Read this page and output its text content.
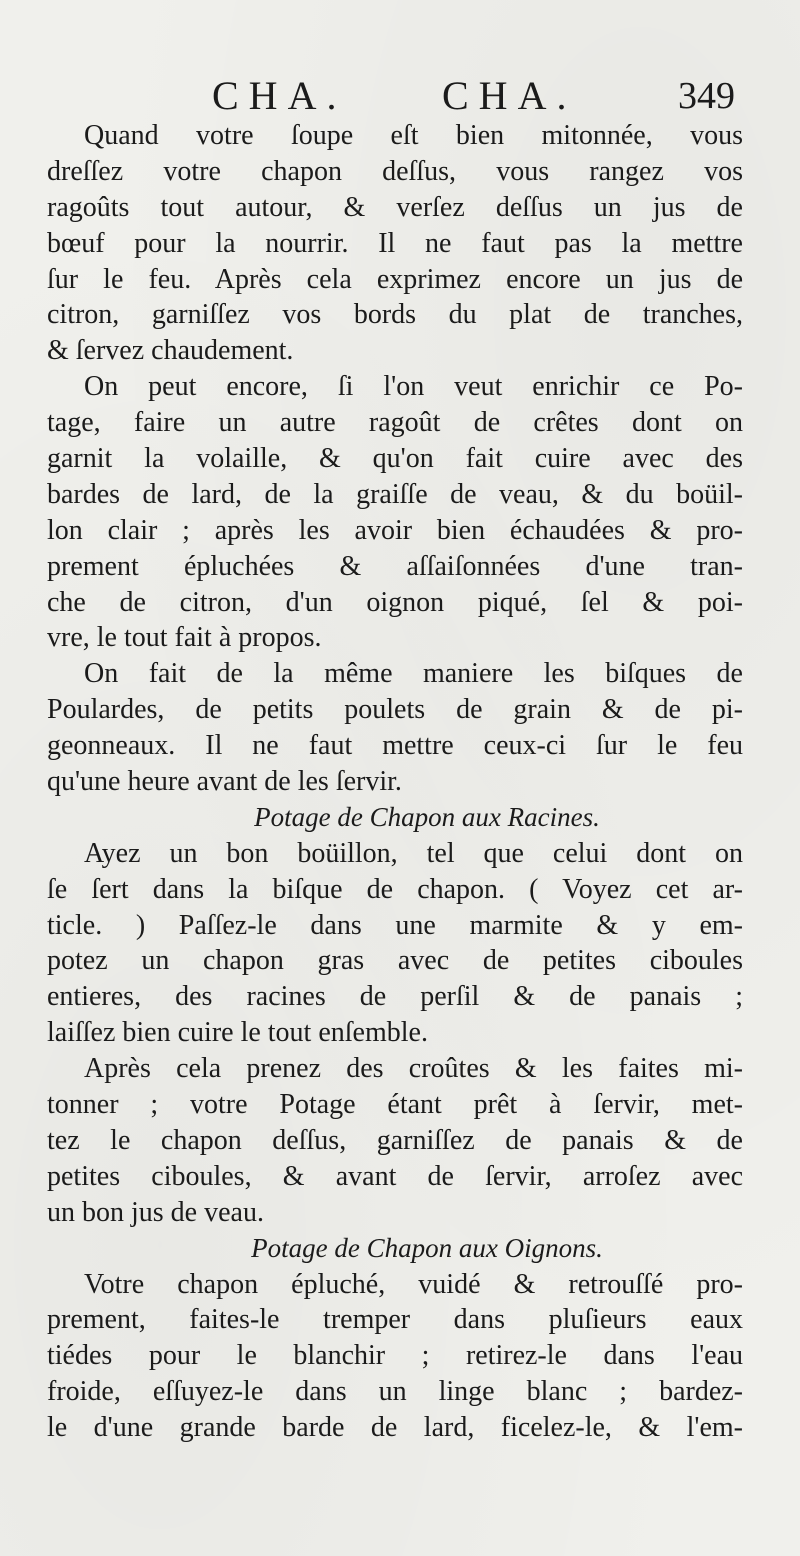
CHA. CHA.	349
Quand votre ſoupe eſt bien mitonnée, vous
dreſſez votre chapon deſſus, vous rangez vos
ragoûts tout autour, & verſez deſſus un jus de
bœuf pour la nourrir. Il ne faut pas la mettre
ſur le feu. Après cela exprimez encore un jus de
citron, garniſſez vos bords du plat de tranches,
& ſervez chaudement.
On peut encore, ſi l'on veut enrichir ce Po-
tage, faire un autre ragoût de crêtes dont on
garnit la volaille, & qu'on fait cuire avec des
bardes de lard, de la graiſſe de veau, & du boüil-
lon clair ; après les avoir bien échaudées & pro-
prement épluchées & aſſaiſonnées d'une tran-
che de citron, d'un oignon piqué, ſel & poi-
vre, le tout fait à propos.
On fait de la même maniere les biſques de
Poulardes, de petits poulets de grain & de pi-
geonneaux. Il ne faut mettre ceux-ci ſur le feu
qu'une heure avant de les ſervir.
Potage de Chapon aux Racines.
Ayez un bon boüillon, tel que celui dont on
ſe ſert dans la biſque de chapon. ( Voyez cet ar-
ticle. ) Paſſez-le dans une marmite & y em-
potez un chapon gras avec de petites ciboules
entieres, des racines de perſil & de panais ;
laiſſez bien cuire le tout enſemble.
Après cela prenez des croûtes & les faites mi-
tonner ; votre Potage étant prêt à ſervir, met-
tez le chapon deſſus, garniſſez de panais & de
petites ciboules, & avant de ſervir, arroſez avec
un bon jus de veau.
Potage de Chapon aux Oignons.
Votre chapon épluché, vuidé & retrouſſé pro-
prement, faites-le tremper dans pluſieurs eaux
tiédes pour le blanchir ; retirez-le dans l'eau
froide, eſſuyez-le dans un linge blanc ; bardez-
le d'une grande barde de lard, ficelez-le, & l'em-
